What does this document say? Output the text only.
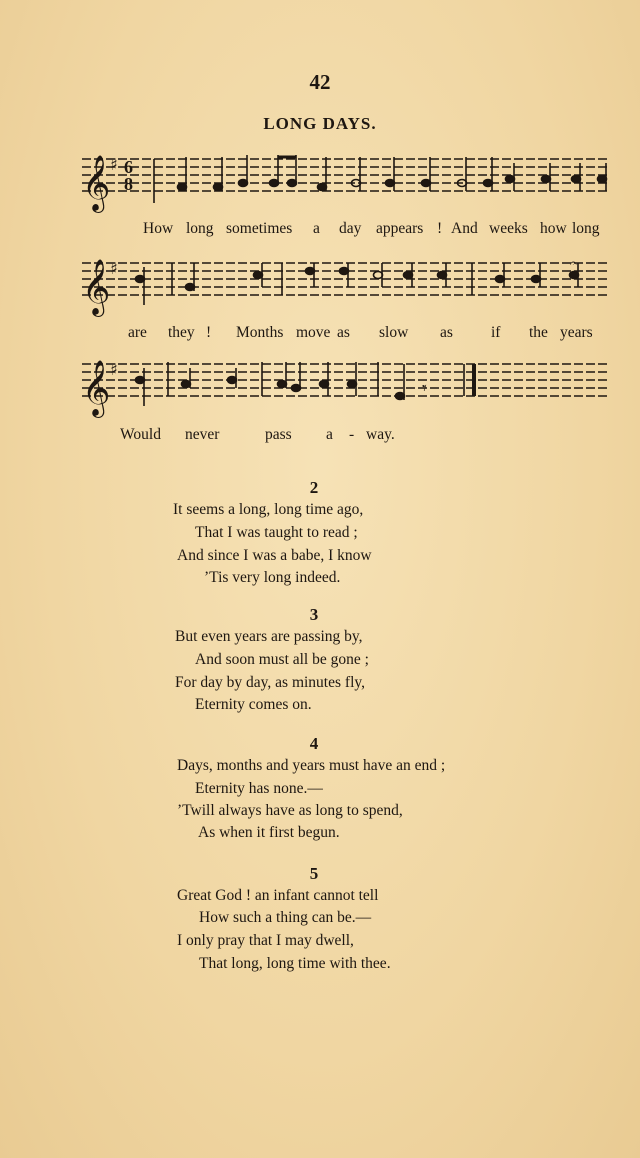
42
LONG DAYS.
𝄞 ♯ 6
8
How long sometimes a day appears ! And weeks how long
𝄞 ♯	𝄐
are they ! Months move as slow as if the years
𝄞 ♯
𝄾
Would never	pass a - way.
2
It seems a long, long time ago,
That I was taught to read ;
And since I was a babe, I know
’Tis very long indeed.
3
But even years are passing by,
And soon must all be gone ;
For day by day, as minutes fly,
Eternity comes on.
4
Days, months and years must have an end ;
Eternity has none.—
’Twill always have as long to spend,
As when it first begun.
5
Great God ! an infant cannot tell
How such a thing can be.—
I only pray that I may dwell,
That long, long time with thee.
